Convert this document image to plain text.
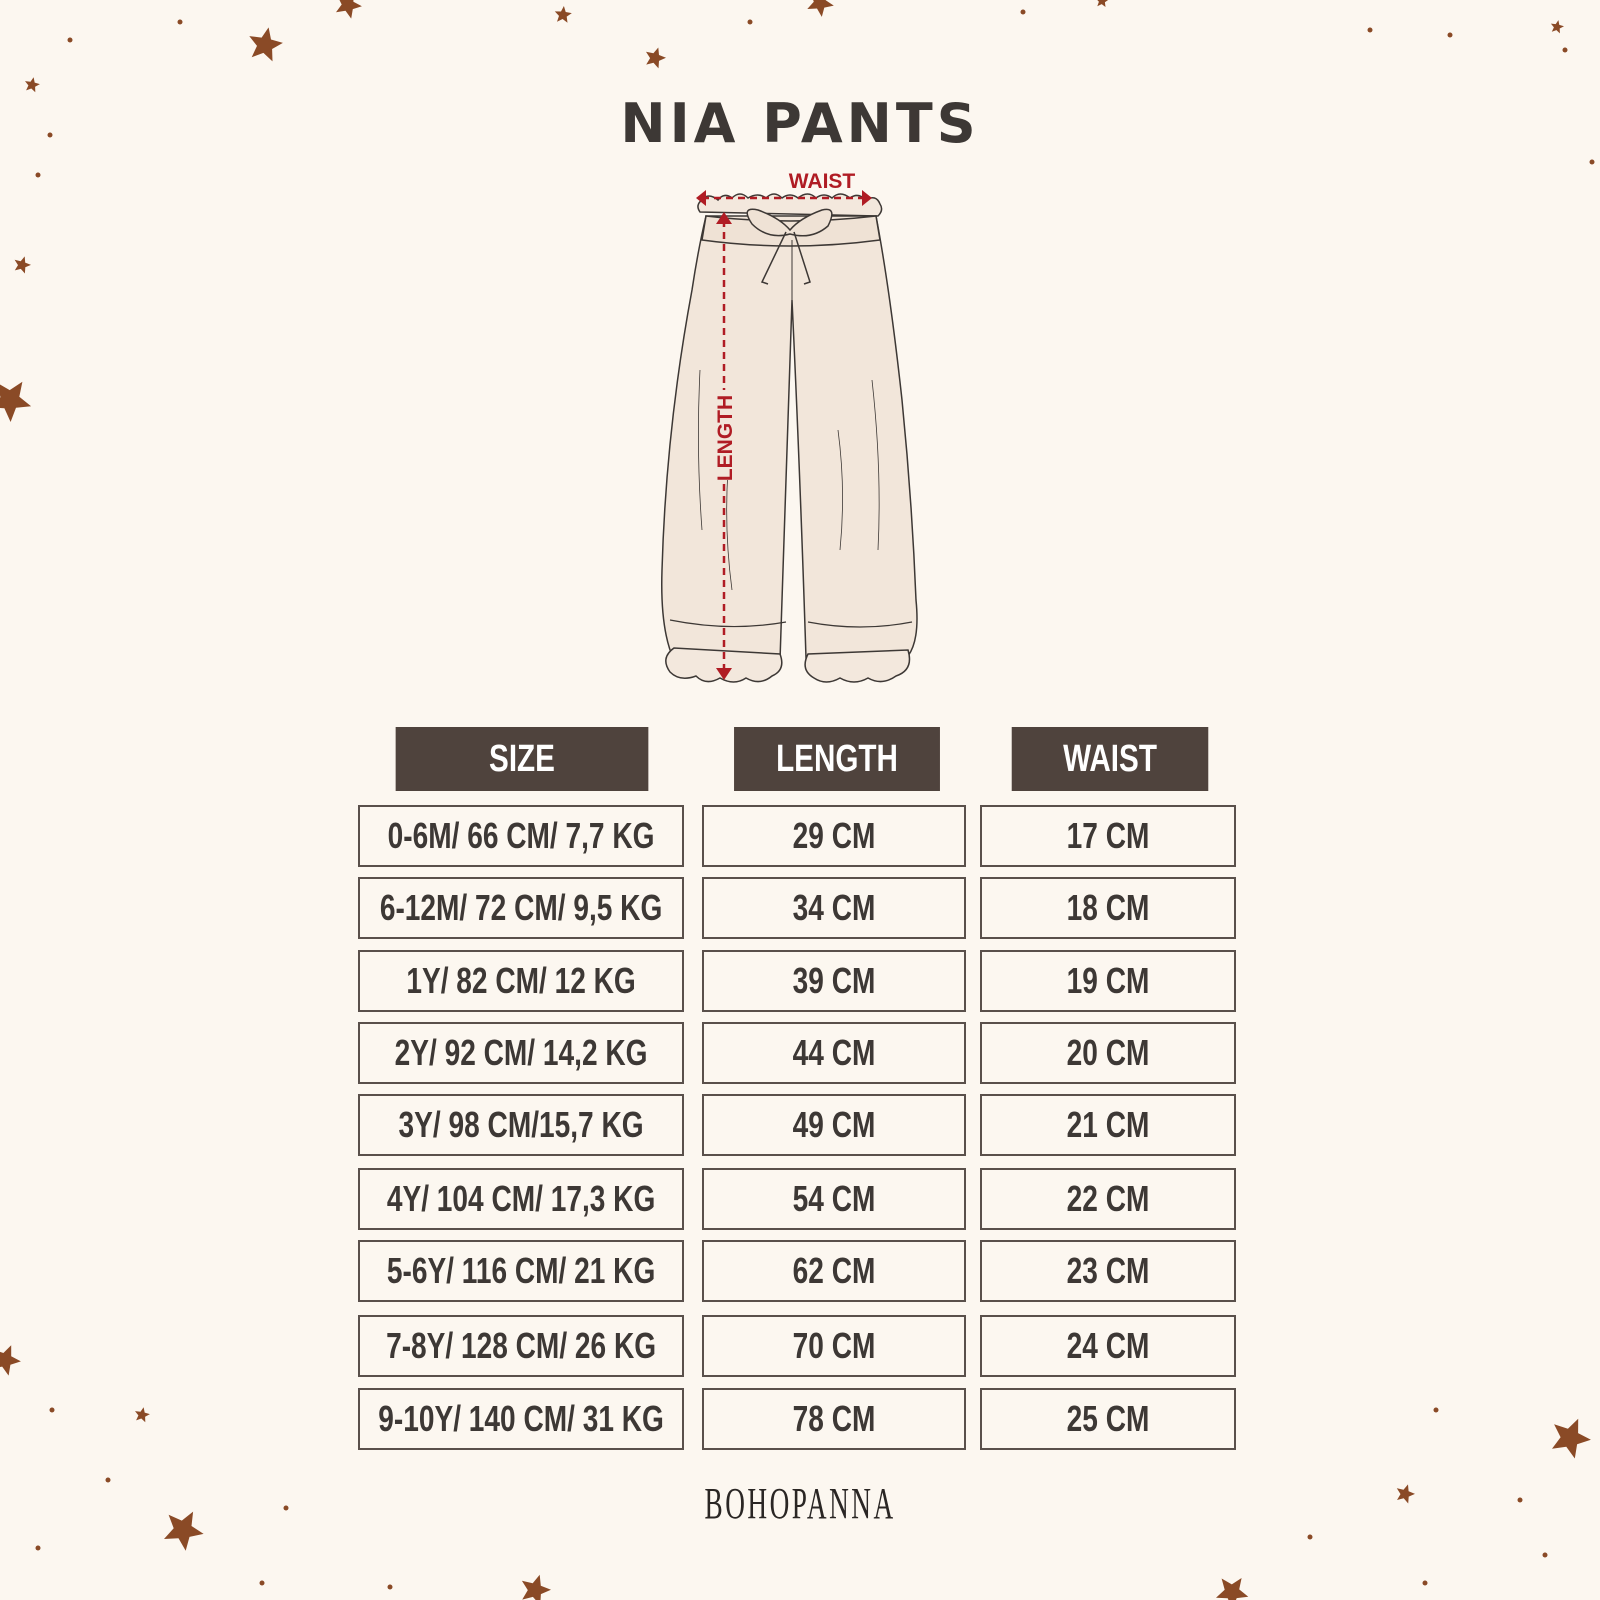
NIA PANTS
WAIST
LENGTH
SIZE	LENGTH	WAIST
0-6M/ 66 CM/ 7,7 KG	29 CM	17 CM
6-12M/ 72 CM/ 9,5 KG	34 CM	18 CM
1Y/ 82 CM/ 12 KG	39 CM	19 CM
2Y/ 92 CM/ 14,2 KG	44 CM	20 CM
3Y/ 98 CM/15,7 KG	49 CM	21 CM
4Y/ 104 CM/ 17,3 KG	54 CM	22 CM
5-6Y/ 116 CM/ 21 KG	62 CM	23 CM
7-8Y/ 128 CM/ 26 KG	70 CM	24 CM
9-10Y/ 140 CM/ 31 KG	78 CM	25 CM
BOHOPANNA
